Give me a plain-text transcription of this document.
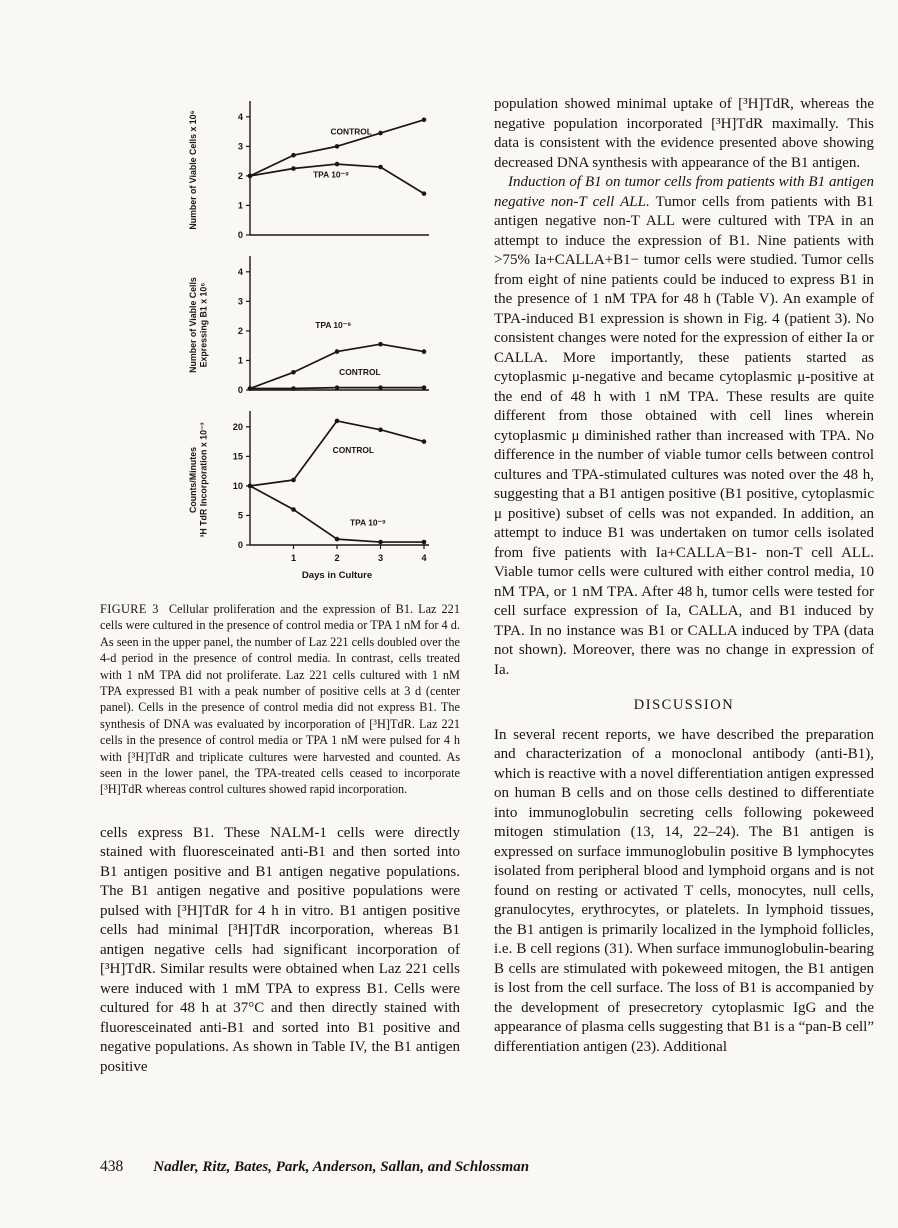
0
1
2
3
4
Number of Viable Cells x 10⁶	CONTROL
TPA 10⁻⁹
0
1
2
3
4
Number of Viable Cells Expressing B1 x 10⁶	TPA 10⁻⁹
CONTROL
0
5
10
15
20
1	2	3	4
Days in Culture
Counts/Minutes ³H TdR Incorporation x 10⁻³	CONTROL
TPA 10⁻⁹
FIGURE 3 Cellular proliferation and the expression of B1. Laz 221 cells were cultured in the presence of control media or TPA 1 nM for 4 d. As seen in the upper panel, the number of Laz 221 cells doubled over the 4-d period in the presence of control media. In contrast, cells treated with 1 nM TPA did not proliferate. Laz 221 cells cultured with 1 nM TPA expressed B1 with a peak number of positive cells at 3 d (center panel). Cells in the presence of control media did not express B1. The synthesis of DNA was evaluated by incorporation of [³H]TdR. Laz 221 cells in the presence of control media or TPA 1 nM were pulsed for 4 h with [³H]TdR and triplicate cultures were harvested and counted. As seen in the lower panel, the TPA-treated cells ceased to incorporate [³H]TdR whereas control cultures showed rapid incorporation.

cells express B1. These NALM-1 cells were directly stained with fluoresceinated anti-B1 and then sorted into B1 antigen positive and B1 antigen negative populations. The B1 antigen negative and positive populations were pulsed with [³H]TdR for 4 h in vitro. B1 antigen positive cells had minimal [³H]TdR incorporation, whereas B1 antigen negative cells had significant incorporation of [³H]TdR. Similar results were obtained when Laz 221 cells were induced with 1 mM TPA to express B1. Cells were cultured for 48 h at 37°C and then directly stained with fluoresceinated anti-B1 and sorted into B1 positive and negative populations. As shown in Table IV, the B1 antigen positive

population showed minimal uptake of [³H]TdR, whereas the negative population incorporated [³H]TdR maximally. This data is consistent with the evidence presented above showing decreased DNA synthesis with appearance of the B1 antigen.

Induction of B1 on tumor cells from patients with B1 antigen negative non-T cell ALL. Tumor cells from patients with B1 antigen negative non-T ALL were cultured with TPA in an attempt to induce the expression of B1. Nine patients with >75% Ia+CALLA+B1− tumor cells were studied. Tumor cells from eight of nine patients could be induced to express B1 in the presence of 1 nM TPA for 48 h (Table V). An example of TPA-induced B1 expression is shown in Fig. 4 (patient 3). No consistent changes were noted for the expression of either Ia or CALLA. More importantly, these patients started as cytoplasmic μ-negative and became cytoplasmic μ-positive at the end of 48 h with 1 nM TPA. These results are quite different from those obtained with cell lines wherein cytoplasmic μ diminished rather than increased with TPA. No difference in the number of viable tumor cells between control cultures and TPA-stimulated cultures was noted over the 48 h, suggesting that a B1 antigen positive (B1 positive, cytoplasmic μ positive) subset of cells was not expanded. In addition, an attempt to induce B1 was undertaken on tumor cells isolated from five patients with Ia+CALLA−B1- non-T cell ALL. Viable tumor cells were cultured with either control media, 10 nM TPA, or 1 nM TPA. After 48 h, tumor cells were tested for cell surface expression of Ia, CALLA, and B1 induced by TPA. In no instance was B1 or CALLA induced by TPA (data not shown). Moreover, there was no change in expression of Ia.

DISCUSSION

In several recent reports, we have described the preparation and characterization of a monoclonal antibody (anti-B1), which is reactive with a novel differentiation antigen expressed on human B cells and on those cells destined to differentiate into immunoglobulin secreting cells following pokeweed mitogen stimulation (13, 14, 22–24). The B1 antigen is expressed on surface immunoglobulin positive B lymphocytes isolated from peripheral blood and lymphoid organs and is not found on resting or activated T cells, monocytes, null cells, granulocytes, erythrocytes, or platelets. In lymphoid tissues, the B1 antigen is primarily localized in the lymphoid follicles, i.e. B cell regions (31). When surface immunoglobulin-bearing B cells are stimulated with pokeweed mitogen, the B1 antigen is lost from the cell surface. The loss of B1 is accompanied by the development of presecretory cytoplasmic IgG and the appearance of plasma cells suggesting that B1 is a “pan-B cell” differentiation antigen (23). Additional

438 Nadler, Ritz, Bates, Park, Anderson, Sallan, and Schlossman
